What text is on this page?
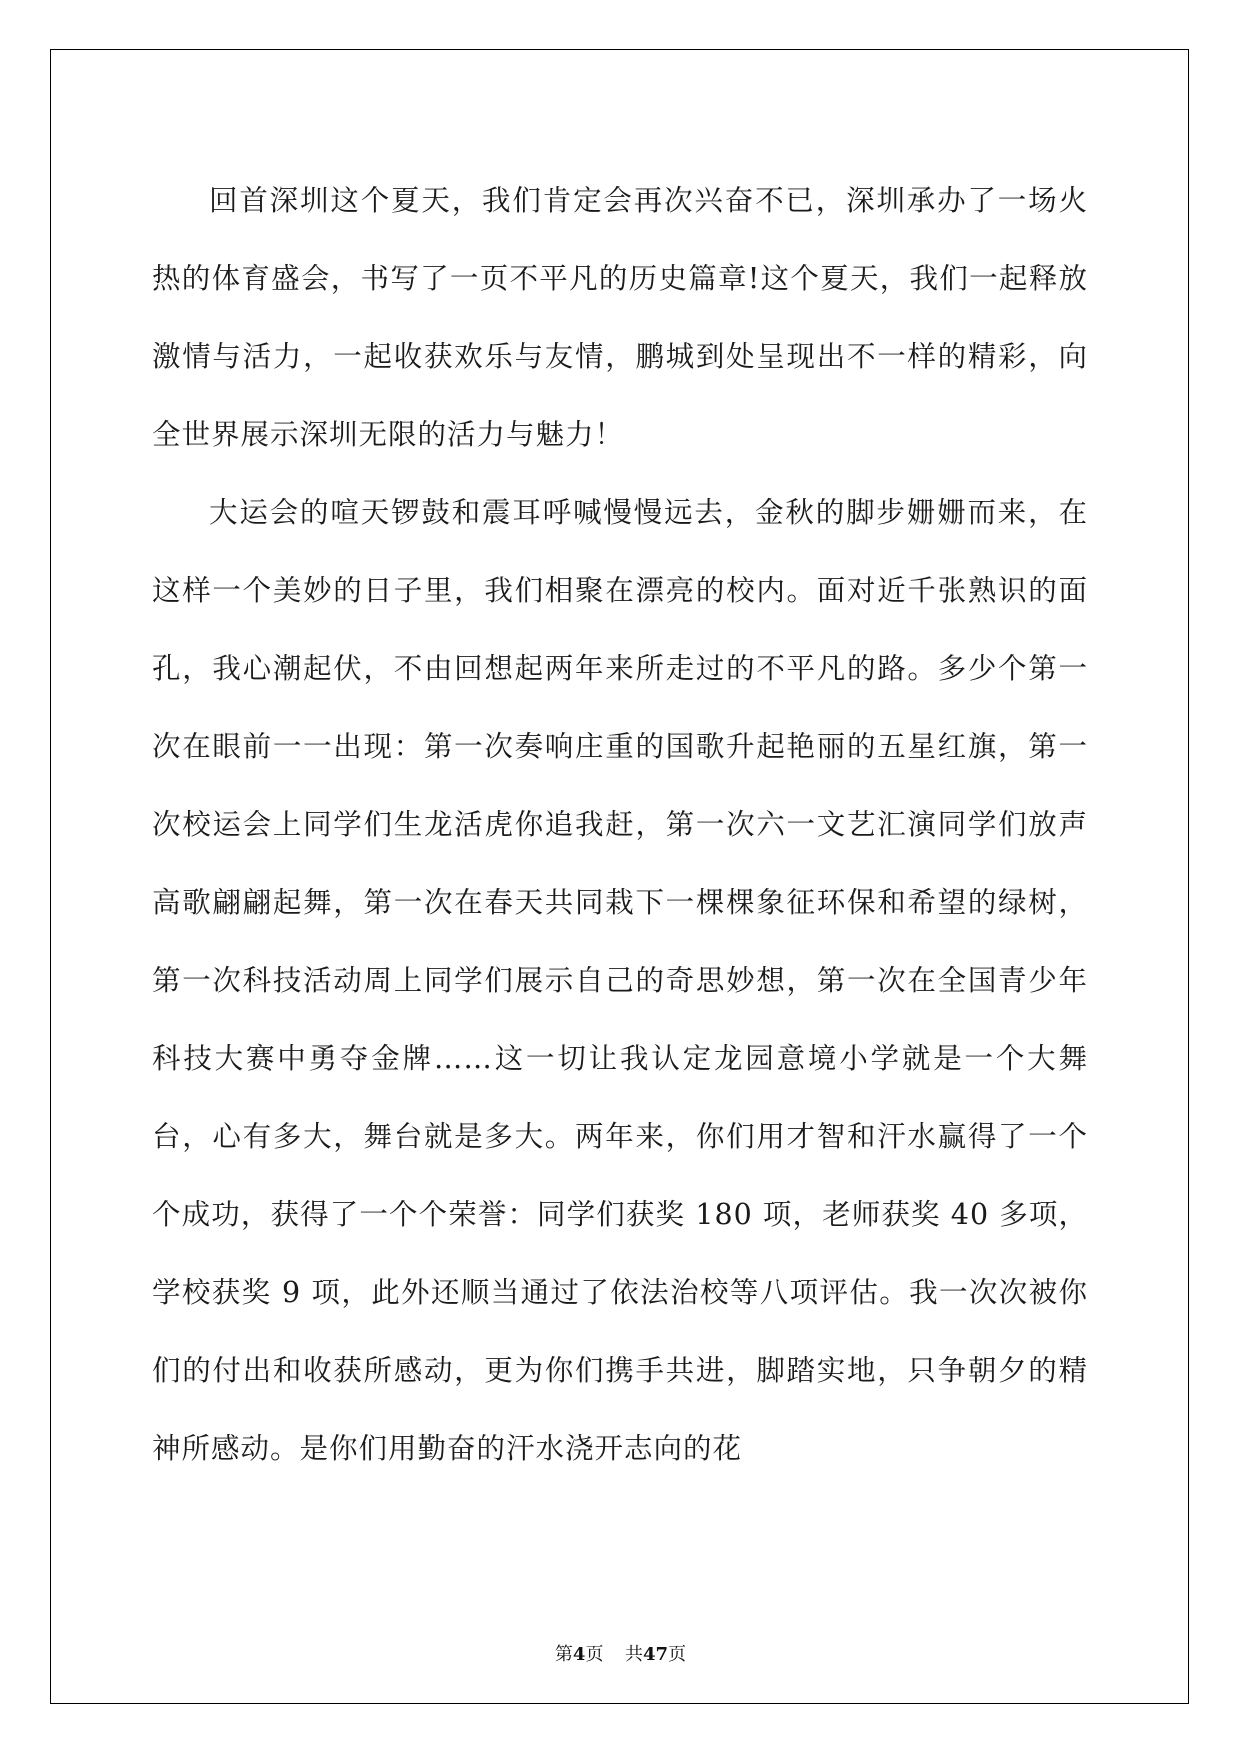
回首深圳这个夏天，我们肯定会再次兴奋不已，深圳承办了一场火热的体育盛会，书写了一页不平凡的历史篇章!这个夏天，我们一起释放激情与活力，一起收获欢乐与友情，鹏城到处呈现出不一样的精彩，向全世界展示深圳无限的活力与魅力！

大运会的喧天锣鼓和震耳呼喊慢慢远去，金秋的脚步姗姗而来，在这样一个美妙的日子里，我们相聚在漂亮的校内。面对近千张熟识的面孔，我心潮起伏，不由回想起两年来所走过的不平凡的路。多少个第一次在眼前一一出现：第一次奏响庄重的国歌升起艳丽的五星红旗，第一次校运会上同学们生龙活虎你追我赶，第一次六一文艺汇演同学们放声高歌翩翩起舞，第一次在春天共同栽下一棵棵象征环保和希望的绿树，第一次科技活动周上同学们展示自己的奇思妙想，第一次在全国青少年科技大赛中勇夺金牌……这一切让我认定龙园意境小学就是一个大舞台，心有多大，舞台就是多大。两年来，你们用才智和汗水赢得了一个个成功，获得了一个个荣誉：同学们获奖 180 项，老师获奖 40 多项，学校获奖 9 项，此外还顺当通过了依法治校等八项评估。我一次次被你们的付出和收获所感动，更为你们携手共进，脚踏实地，只争朝夕的精神所感动。是你们用勤奋的汗水浇开志向的花

第4页 共47页
